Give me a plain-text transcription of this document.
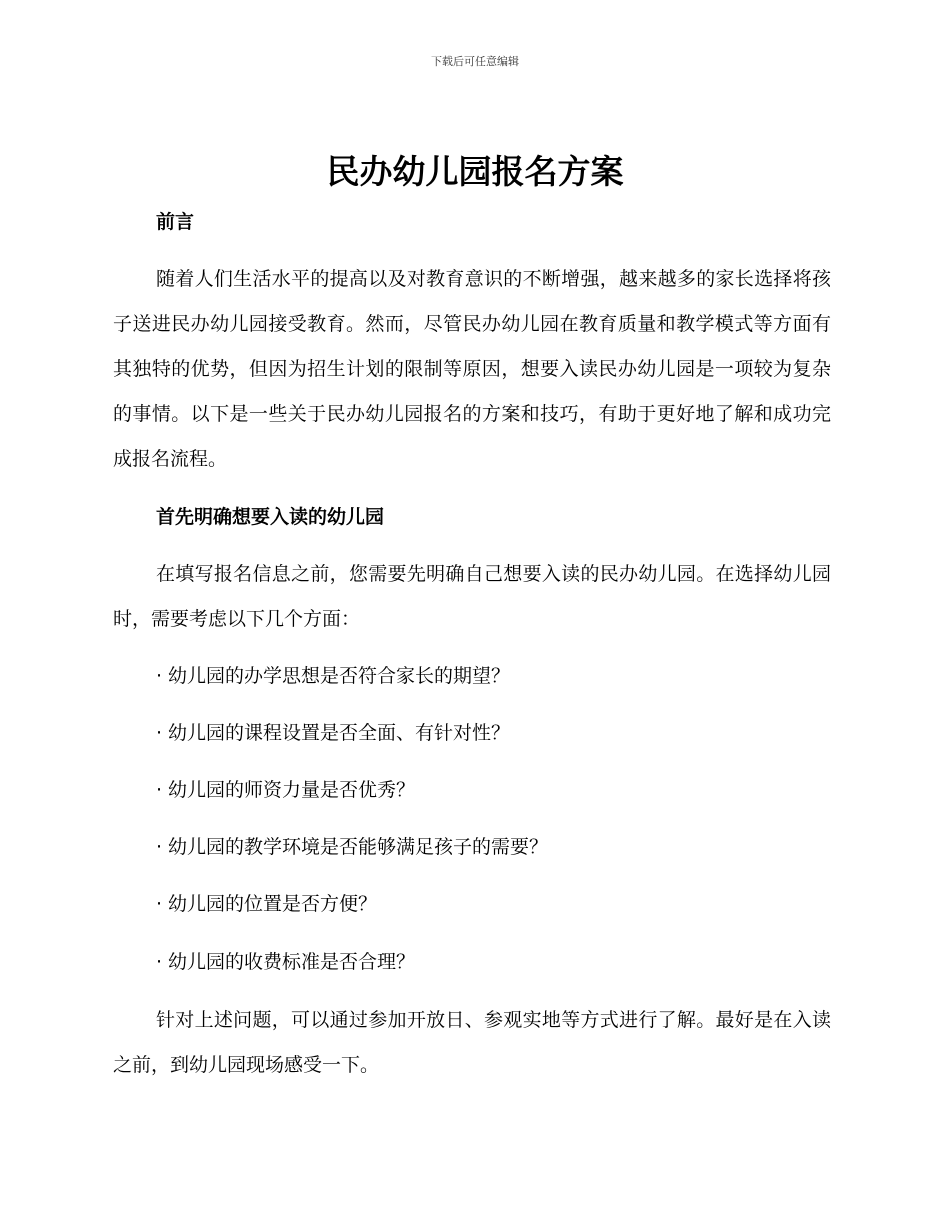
下载后可任意编辑
民办幼儿园报名方案
前言

随着人们生活水平的提高以及对教育意识的不断增强，越来越多的家长选择将孩子送进民办幼儿园接受教育。然而，尽管民办幼儿园在教育质量和教学模式等方面有其独特的优势，但因为招生计划的限制等原因，想要入读民办幼儿园是一项较为复杂的事情。以下是一些关于民办幼儿园报名的方案和技巧，有助于更好地了解和成功完成报名流程。

首先明确想要入读的幼儿园

在填写报名信息之前，您需要先明确自己想要入读的民办幼儿园。在选择幼儿园时，需要考虑以下几个方面：

· 幼儿园的办学思想是否符合家长的期望？
· 幼儿园的课程设置是否全面、有针对性？
· 幼儿园的师资力量是否优秀？
· 幼儿园的教学环境是否能够满足孩子的需要？
· 幼儿园的位置是否方便？
· 幼儿园的收费标准是否合理？

针对上述问题，可以通过参加开放日、参观实地等方式进行了解。最好是在入读之前，到幼儿园现场感受一下。
